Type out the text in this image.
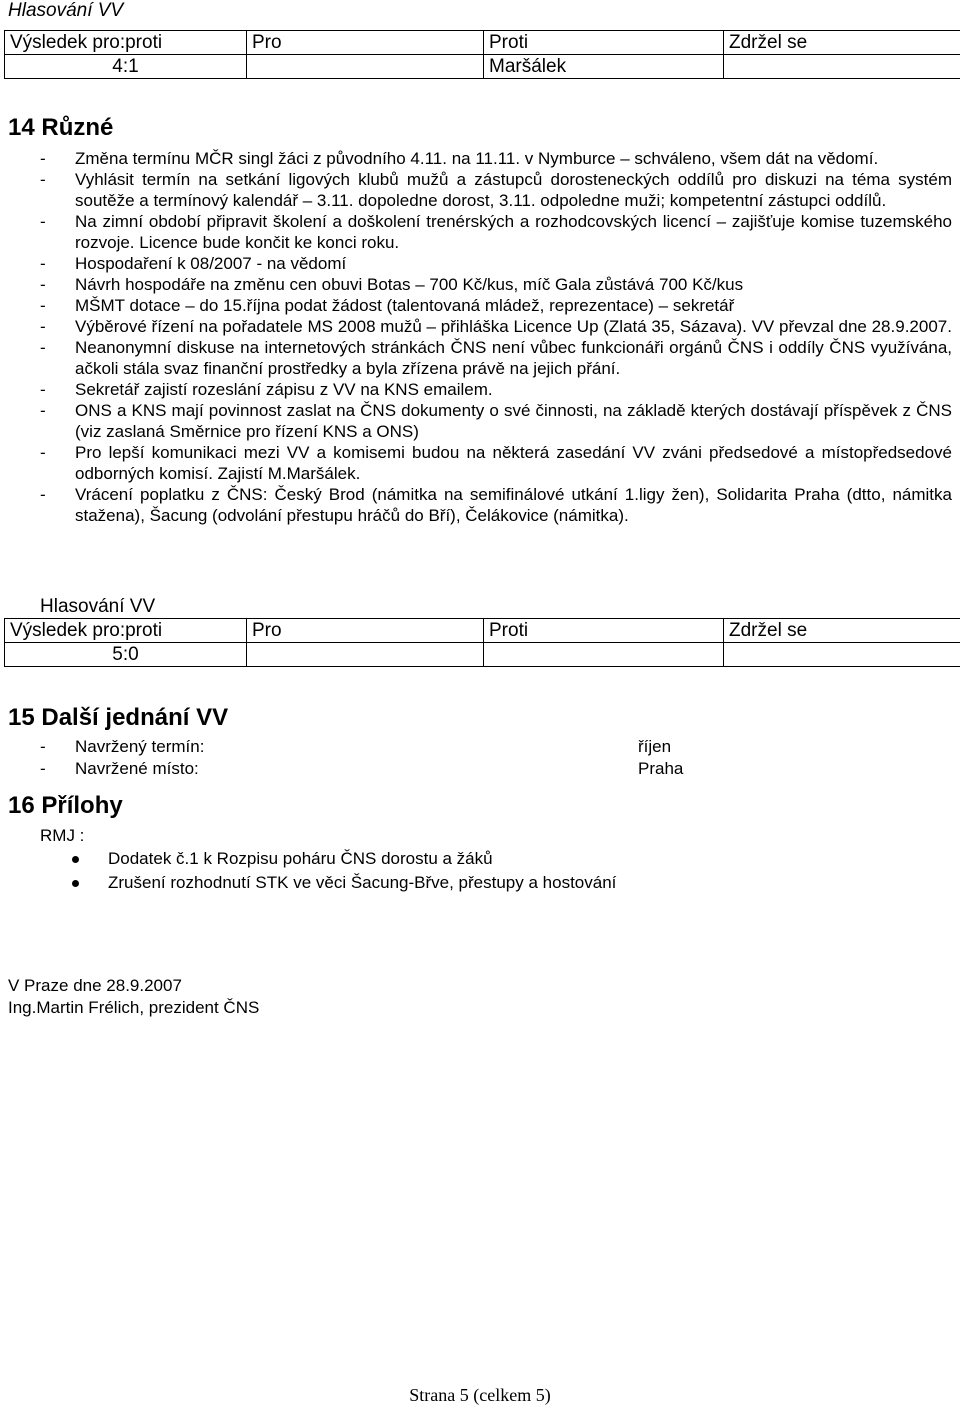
Hlasování VV
Výsledek pro:proti	Pro	Proti	Zdržel se
4:1		Maršálek	
14 Různé
- Změna termínu MČR singl žáci z původního 4.11. na 11.11. v Nymburce – schváleno, všem dát na vědomí.
- Vyhlásit termín na setkání ligových klubů mužů a zástupců dorosteneckých oddílů pro diskuzi na téma systém soutěže a termínový kalendář – 3.11. dopoledne dorost, 3.11. odpoledne muži; kompetentní zástupci oddílů.
- Na zimní období připravit školení a doškolení trenérských a rozhodcovských licencí – zajišťuje komise tuzemského rozvoje. Licence bude končit ke konci roku.
- Hospodaření k 08/2007 - na vědomí
- Návrh hospodáře na změnu cen obuvi Botas – 700 Kč/kus, míč Gala zůstává 700 Kč/kus
- MŠMT dotace – do 15.října podat žádost (talentovaná mládež, reprezentace) – sekretář
- Výběrové řízení na pořadatele MS 2008 mužů – přihláška Licence Up (Zlatá 35, Sázava). VV převzal dne 28.9.2007.
- Neanonymní diskuse na internetových stránkách ČNS není vůbec funkcionáři orgánů ČNS i oddíly ČNS využívána, ačkoli stála svaz finanční prostředky a byla zřízena právě na jejich přání.
- Sekretář zajistí rozeslání zápisu z VV na KNS emailem.
- ONS a KNS mají povinnost zaslat na ČNS dokumenty o své činnosti, na základě kterých dostávají příspěvek z ČNS (viz zaslaná Směrnice pro řízení KNS a ONS)
- Pro lepší komunikaci mezi VV a komisemi budou na některá zasedání VV zváni předsedové a místopředsedové odborných komisí. Zajistí M.Maršálek.
- Vrácení poplatku z ČNS: Český Brod (námitka na semifinálové utkání 1.ligy žen), Solidarita Praha (dtto, námitka stažena), Šacung (odvolání přestupu hráčů do Bří), Čelákovice (námitka).
Hlasování VV
Výsledek pro:proti	Pro	Proti	Zdržel se
5:0			
15 Další jednání VV
- Navržený termín:	říjen
- Navržené místo:	Praha
16 Přílohy
RMJ :
Dodatek č.1 k Rozpisu poháru ČNS dorostu a žáků
Zrušení rozhodnutí STK ve věci Šacung-Břve, přestupy a hostování
V Praze dne 28.9.2007
Ing.Martin Frélich, prezident ČNS
Strana 5 (celkem 5)
